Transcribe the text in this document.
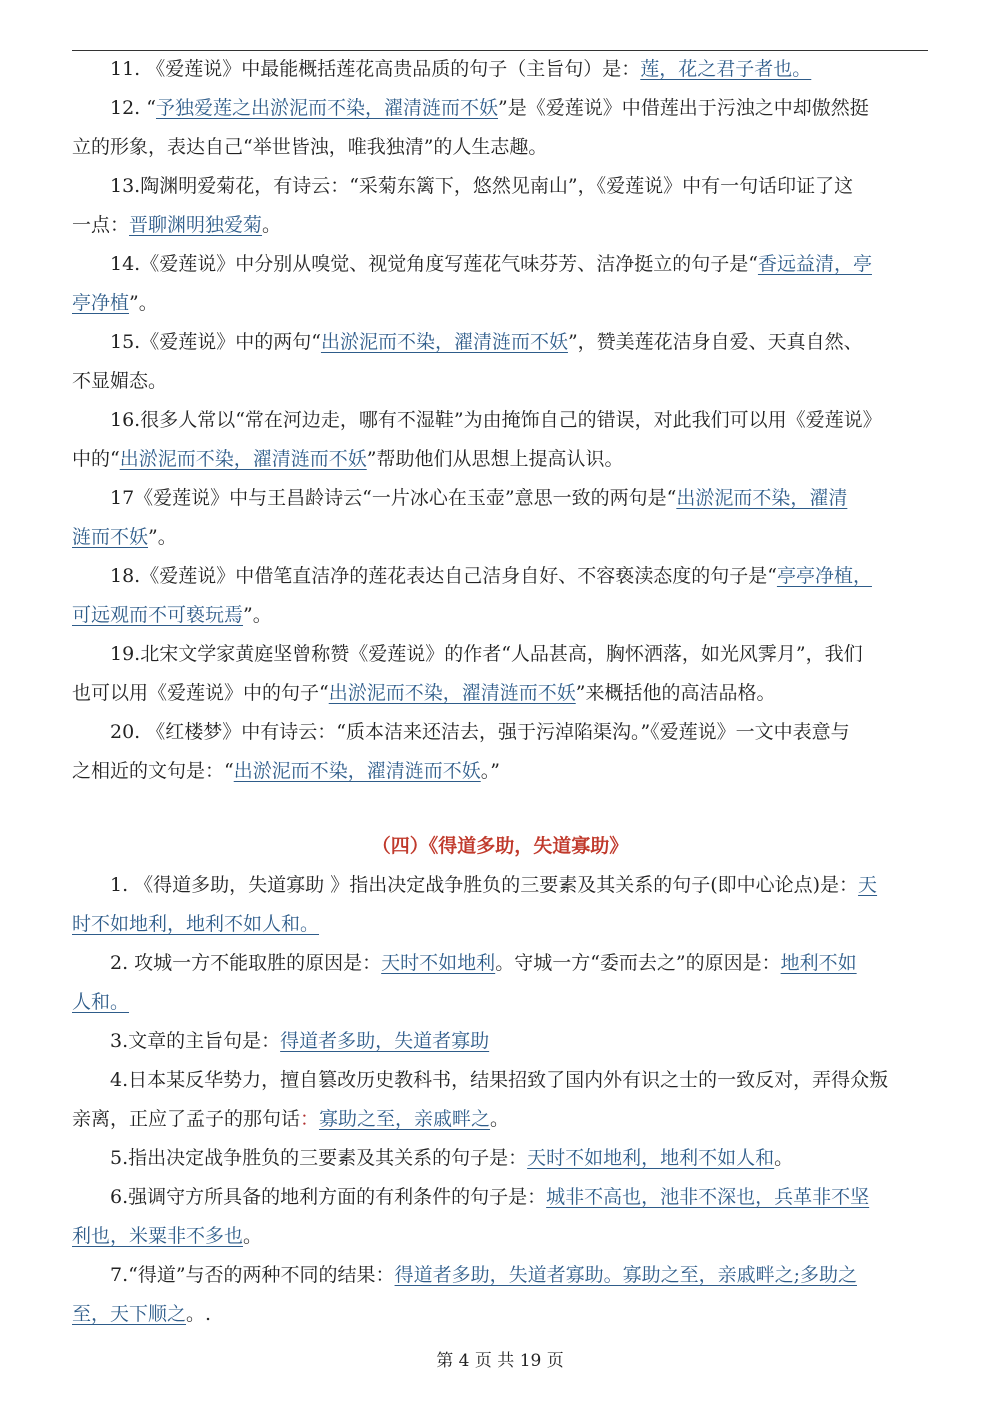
11. 《爱莲说》中最能概括莲花高贵品质的句子（主旨句）是：莲，花之君子者也。
12. “予独爱莲之出淤泥而不染，濯清涟而不妖”是《爱莲说》中借莲出于污浊之中却傲然挺
立的形象，表达自己“举世皆浊，唯我独清”的人生志趣。
13.陶渊明爱菊花，有诗云：“采菊东篱下，悠然见南山”，《爱莲说》中有一句话印证了这
一点：晋聊渊明独爱菊。
14.《爱莲说》中分别从嗅觉、视觉角度写莲花气味芬芳、洁净挺立的句子是“香远益清，亭
亭净植”。
15.《爱莲说》中的两句“出淤泥而不染，濯清涟而不妖”，赞美莲花洁身自爱、天真自然、
不显媚态。
16.很多人常以“常在河边走，哪有不湿鞋”为由掩饰自己的错误，对此我们可以用《爱莲说》
中的“出淤泥而不染，濯清涟而不妖”帮助他们从思想上提高认识。
17《爱莲说》中与王昌龄诗云“一片冰心在玉壶”意思一致的两句是“出淤泥而不染，濯清
涟而不妖”。
18.《爱莲说》中借笔直洁净的莲花表达自己洁身自好、不容亵渎态度的句子是“亭亭净植，
可远观而不可亵玩焉”。
19.北宋文学家黄庭坚曾称赞《爱莲说》的作者“人品甚高，胸怀洒落，如光风霁月”，我们
也可以用《爱莲说》中的句子“出淤泥而不染，濯清涟而不妖”来概括他的高洁品格。
20. 《红楼梦》中有诗云：“质本洁来还洁去，强于污淖陷渠沟。”《爱莲说》一文中表意与
之相近的文句是：“出淤泥而不染，濯清涟而不妖。”
（四）《得道多助，失道寡助》
1. 《得道多助，失道寡助 》指出决定战争胜负的三要素及其关系的句子(即中心论点)是：天
时不如地利，地利不如人和。
2. 攻城一方不能取胜的原因是：天时不如地利。守城一方“委而去之”的原因是：地利不如
人和。
3.文章的主旨句是：得道者多助，失道者寡助
4.日本某反华势力，擅自篡改历史教科书，结果招致了国内外有识之士的一致反对，弄得众叛
亲离，正应了孟子的那句话：寡助之至，亲戚畔之。
5.指出决定战争胜负的三要素及其关系的句子是：天时不如地利，地利不如人和。
6.强调守方所具备的地利方面的有利条件的句子是：城非不高也，池非不深也，兵革非不坚
利也，米粟非不多也。
7.“得道”与否的两种不同的结果：得道者多助，失道者寡助。寡助之至，亲戚畔之;多助之
至，天下顺之。.
第 4 页 共 19 页
